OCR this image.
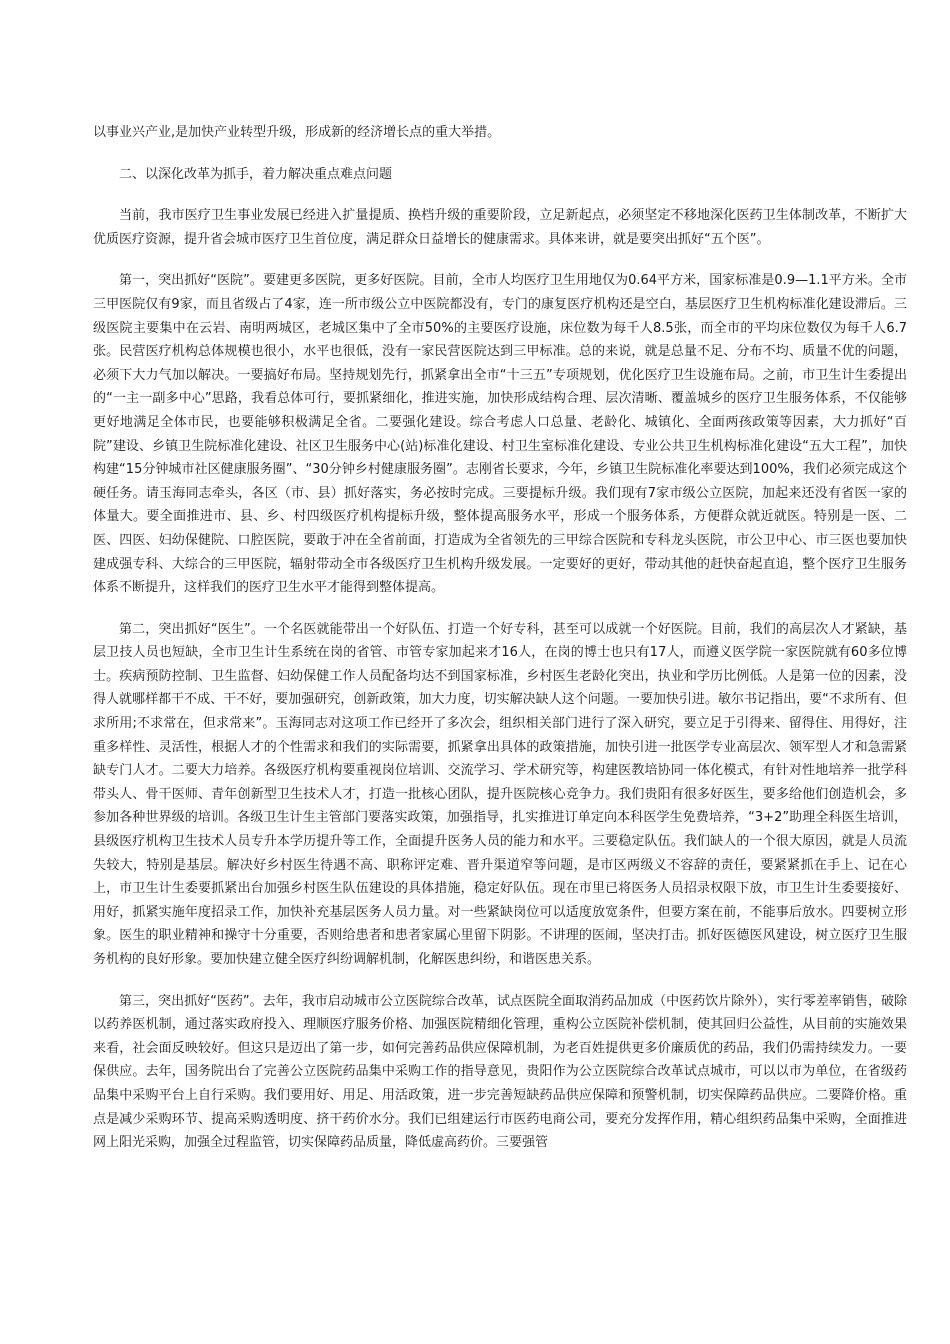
以事业兴产业,是加快产业转型升级，形成新的经济增长点的重大举措。

二、以深化改革为抓手，着力解决重点难点问题

当前，我市医疗卫生事业发展已经进入扩量提质、换档升级的重要阶段，立足新起点，必须坚定不移地深化医药卫生体制改革，不断扩大优质医疗资源，提升省会城市医疗卫生首位度，满足群众日益增长的健康需求。具体来讲，就是要突出抓好“五个医”。

第一，突出抓好“医院”。要建更多医院，更多好医院。目前，全市人均医疗卫生用地仅为0.64平方米，国家标准是0.9—1.1平方米。全市三甲医院仅有9家，而且省级占了4家，连一所市级公立中医院都没有，专门的康复医疗机构还是空白，基层医疗卫生机构标准化建设滞后。三级医院主要集中在云岩、南明两城区，老城区集中了全市50%的主要医疗设施，床位数为每千人8.5张，而全市的平均床位数仅为每千人6.7张。民营医疗机构总体规模也很小，水平也很低，没有一家民营医院达到三甲标准。总的来说，就是总量不足、分布不均、质量不优的问题，必须下大力气加以解决。一要搞好布局。坚持规划先行，抓紧拿出全市“十三五”专项规划，优化医疗卫生设施布局。之前，市卫生计生委提出的“一主一副多中心”思路，我看总体可行，要抓紧细化，推进实施，加快形成结构合理、层次清晰、覆盖城乡的医疗卫生服务体系，不仅能够更好地满足全体市民，也要能够积极满足全省。二要强化建设。综合考虑人口总量、老龄化、城镇化、全面两孩政策等因素，大力抓好“百院”建设、乡镇卫生院标准化建设、社区卫生服务中心(站)标准化建设、村卫生室标准化建设、专业公共卫生机构标准化建设“五大工程”，加快构建“15分钟城市社区健康服务圈”、“30分钟乡村健康服务圈”。志刚省长要求，今年，乡镇卫生院标准化率要达到100%，我们必须完成这个硬任务。请玉海同志牵头，各区（市、县）抓好落实，务必按时完成。三要提标升级。我们现有7家市级公立医院，加起来还没有省医一家的体量大。要全面推进市、县、乡、村四级医疗机构提标升级，整体提高服务水平，形成一个服务体系，方便群众就近就医。特别是一医、二医、四医、妇幼保健院、口腔医院，要敢于冲在全省前面，打造成为全省领先的三甲综合医院和专科龙头医院，市公卫中心、市三医也要加快建成强专科、大综合的三甲医院，辐射带动全市各级医疗卫生机构升级发展。一定要好的更好，带动其他的赶快奋起直追，整个医疗卫生服务体系不断提升，这样我们的医疗卫生水平才能得到整体提高。

第二，突出抓好“医生”。一个名医就能带出一个好队伍、打造一个好专科，甚至可以成就一个好医院。目前，我们的高层次人才紧缺，基层卫技人员也短缺，全市卫生计生系统在岗的省管、市管专家加起来才16人，在岗的博士也只有17人，而遵义医学院一家医院就有60多位博士。疾病预防控制、卫生监督、妇幼保健工作人员配备均达不到国家标准，乡村医生老龄化突出，执业和学历比例低。人是第一位的因素，没得人就哪样都干不成、干不好，要加强研究，创新政策，加大力度，切实解决缺人这个问题。一要加快引进。敏尔书记指出，要“不求所有、但求所用;不求常在，但求常来”。玉海同志对这项工作已经开了多次会，组织相关部门进行了深入研究，要立足于引得来、留得住、用得好，注重多样性、灵活性，根据人才的个性需求和我们的实际需要，抓紧拿出具体的政策措施，加快引进一批医学专业高层次、领军型人才和急需紧缺专门人才。二要大力培养。各级医疗机构要重视岗位培训、交流学习、学术研究等，构建医教培协同一体化模式，有针对性地培养一批学科带头人、骨干医师、青年创新型卫生技术人才，打造一批核心团队，提升医院核心竞争力。我们贵阳有很多好医生，要多给他们创造机会，多参加各种世界级的培训。各级卫生计生主管部门要落实政策，加强指导，扎实推进订单定向本科医学生免费培养，“3+2”助理全科医生培训，县级医疗机构卫生技术人员专升本学历提升等工作，全面提升医务人员的能力和水平。三要稳定队伍。我们缺人的一个很大原因，就是人员流失较大，特别是基层。解决好乡村医生待遇不高、职称评定难、晋升渠道窄等问题，是市区两级义不容辞的责任，要紧紧抓在手上、记在心上，市卫生计生委要抓紧出台加强乡村医生队伍建设的具体措施，稳定好队伍。现在市里已将医务人员招录权限下放，市卫生计生委要接好、用好，抓紧实施年度招录工作，加快补充基层医务人员力量。对一些紧缺岗位可以适度放宽条件，但要方案在前，不能事后放水。四要树立形象。医生的职业精神和操守十分重要，否则给患者和患者家属心里留下阴影。不讲理的医闹，坚决打击。抓好医德医风建设，树立医疗卫生服务机构的良好形象。要加快建立健全医疗纠纷调解机制，化解医患纠纷，和谐医患关系。

第三，突出抓好“医药”。去年，我市启动城市公立医院综合改革，试点医院全面取消药品加成（中医药饮片除外），实行零差率销售，破除以药养医机制，通过落实政府投入、理顺医疗服务价格、加强医院精细化管理，重构公立医院补偿机制，使其回归公益性，从目前的实施效果来看，社会面反映较好。但这只是迈出了第一步，如何完善药品供应保障机制，为老百姓提供更多价廉质优的药品，我们仍需持续发力。一要保供应。去年，国务院出台了完善公立医院药品集中采购工作的指导意见，贵阳作为公立医院综合改革试点城市，可以以市为单位，在省级药品集中采购平台上自行采购。我们要用好、用足、用活政策，进一步完善短缺药品供应保障和预警机制，切实保障药品供应。二要降价格。重点是减少采购环节、提高采购透明度、挤干药价水分。我们已组建运行市医药电商公司，要充分发挥作用，精心组织药品集中采购，全面推进网上阳光采购，加强全过程监管，切实保障药品质量，降低虚高药价。三要强管
